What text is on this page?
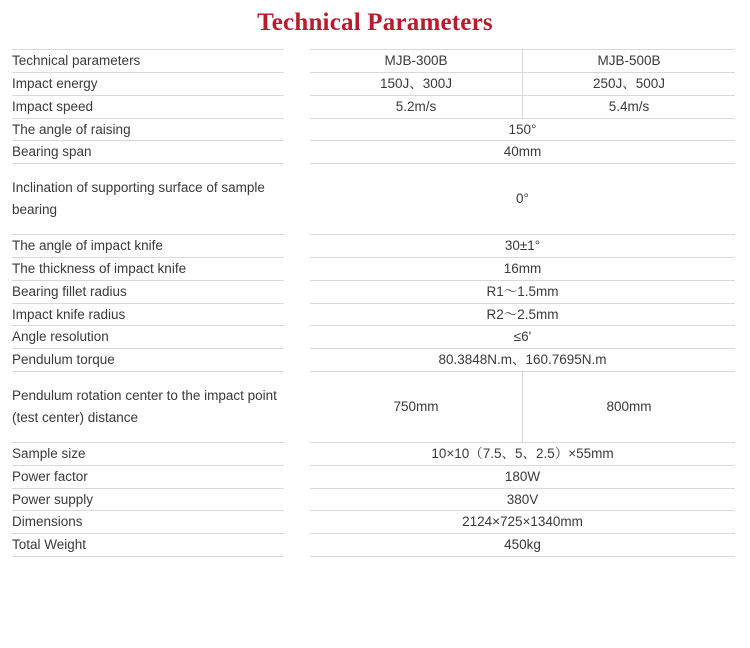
Technical Parameters
Technical parameters		MJB-300B	MJB-500B
Impact energy		150J、300J	250J、500J
Impact speed		5.2m/s	5.4m/s
The angle of raising		150°	
Bearing span		40mm	
Inclination of supporting surface of sample bearing		0°	
The angle of impact knife		30±1°	
The thickness of impact knife		16mm	
Bearing fillet radius		R1～1.5mm	
Impact knife radius		R2～2.5mm	
Angle resolution		≤6'	
Pendulum torque		80.3848N.m、160.7695N.m	
Pendulum rotation center to the impact point (test center) distance		750mm	800mm
Sample size		10×10（7.5、5、2.5）×55mm	
Power factor		180W	
Power supply		380V	
Dimensions		2124×725×1340mm	
Total Weight		450kg	
